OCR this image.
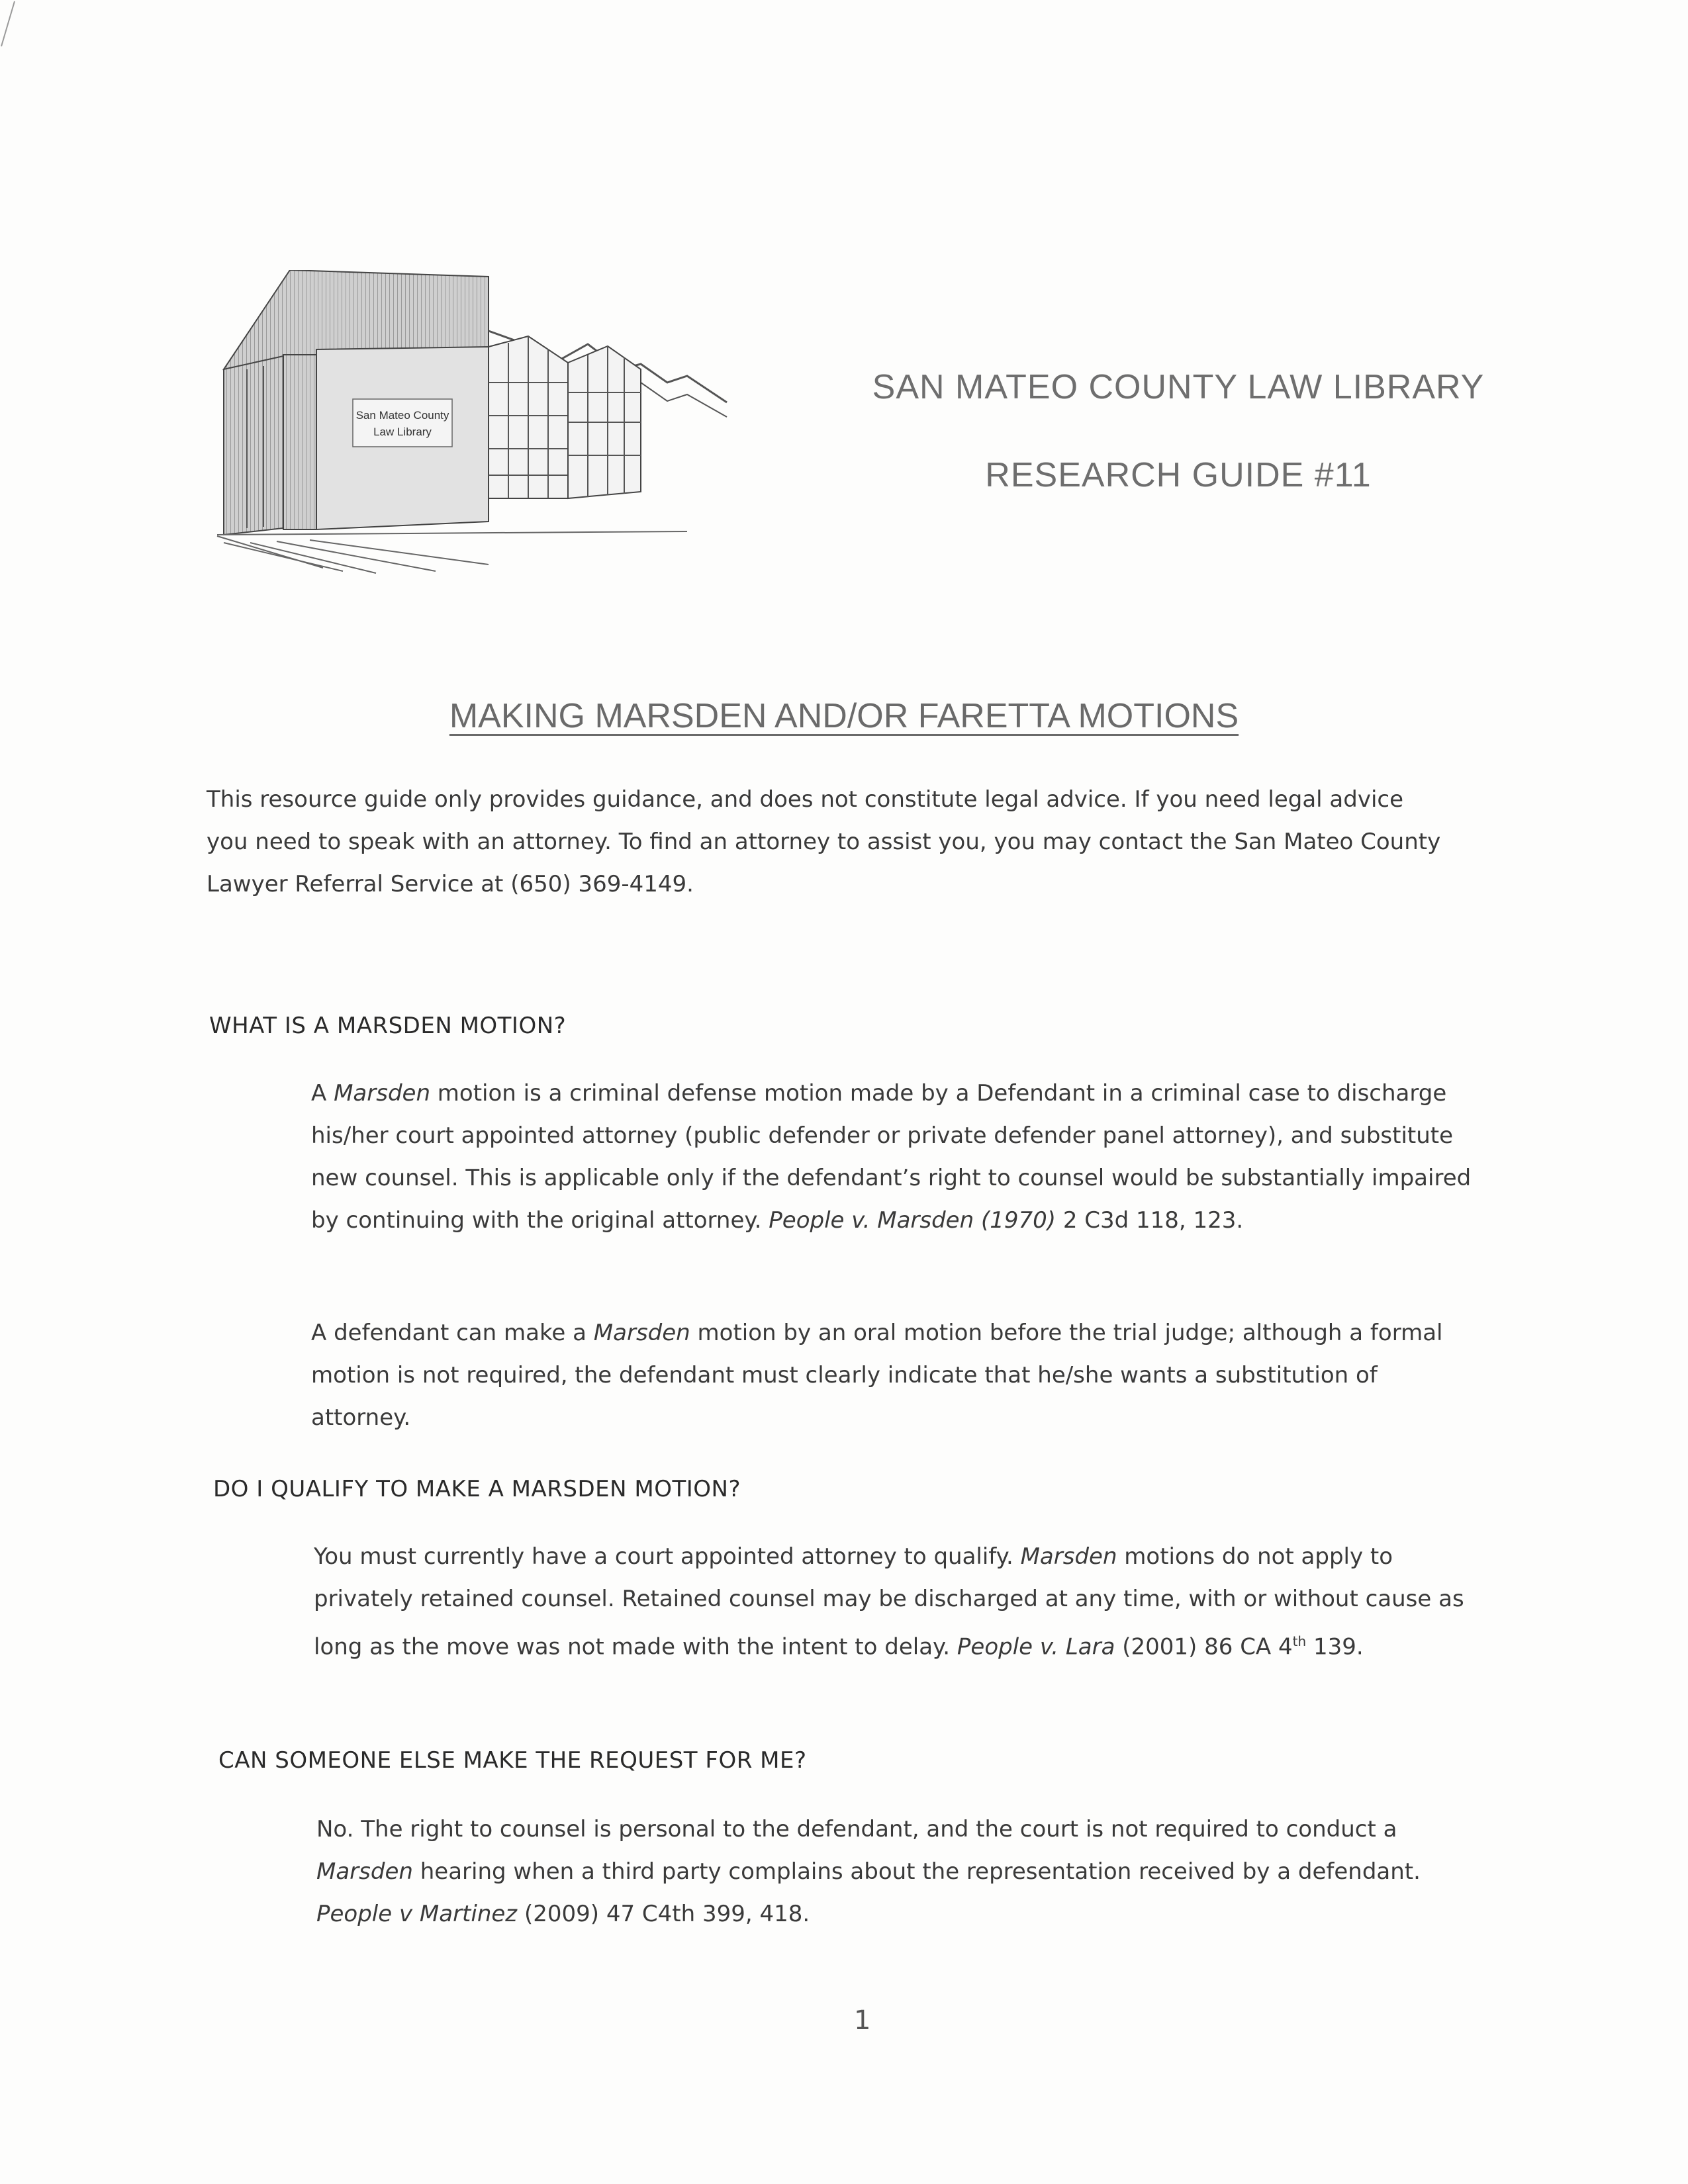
San Mateo County
Law Library
SAN MATEO COUNTY LAW LIBRARY
RESEARCH GUIDE #11
MAKING MARSDEN AND/OR FARETTA MOTIONS

This resource guide only provides guidance, and does not constitute legal advice. If you need legal advice you need to speak with an attorney. To find an attorney to assist you, you may contact the San Mateo County Lawyer Referral Service at (650) 369-4149.

WHAT IS A MARSDEN MOTION?

A Marsden motion is a criminal defense motion made by a Defendant in a criminal case to discharge his/her court appointed attorney (public defender or private defender panel attorney), and substitute new counsel. This is applicable only if the defendant’s right to counsel would be substantially impaired by continuing with the original attorney. People v. Marsden (1970) 2 C3d 118, 123.

A defendant can make a Marsden motion by an oral motion before the trial judge; although a formal motion is not required, the defendant must clearly indicate that he/she wants a substitution of attorney.

DO I QUALIFY TO MAKE A MARSDEN MOTION?

You must currently have a court appointed attorney to qualify. Marsden motions do not apply to privately retained counsel. Retained counsel may be discharged at any time, with or without cause as long as the move was not made with the intent to delay. People v. Lara (2001) 86 CA 4th 139.

CAN SOMEONE ELSE MAKE THE REQUEST FOR ME?

No. The right to counsel is personal to the defendant, and the court is not required to conduct a Marsden hearing when a third party complains about the representation received by a defendant. People v Martinez (2009) 47 C4th 399, 418.

1
